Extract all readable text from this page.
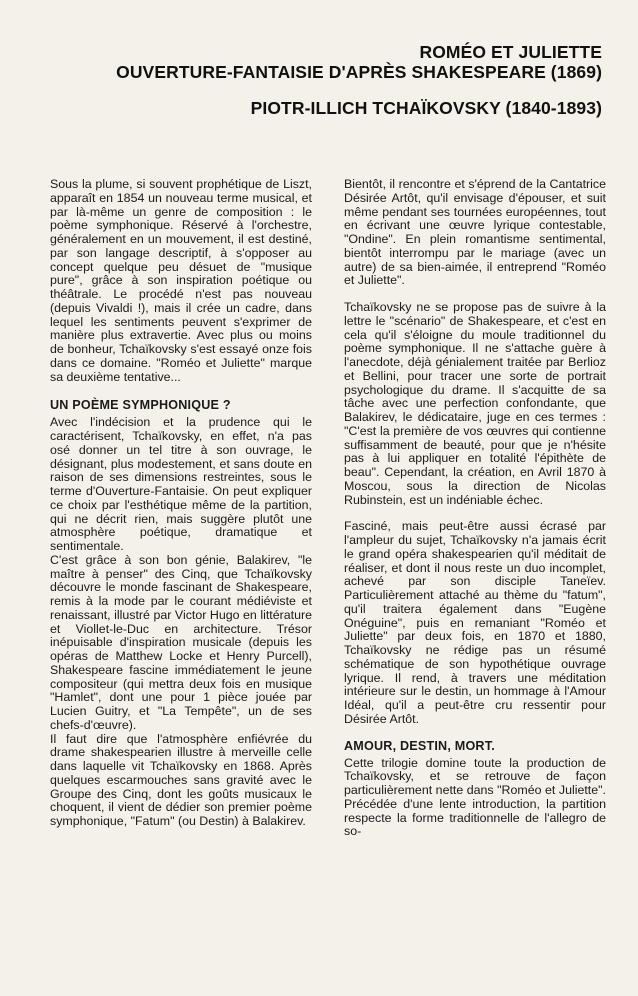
ROMÉO ET JULIETTE
OUVERTURE-FANTAISIE D'APRÈS SHAKESPEARE (1869)
PIOTR-ILLICH TCHAÏKOVSKY (1840-1893)

Sous la plume, si souvent prophétique de Liszt, apparaît en 1854 un nouveau terme musical, et par là-même un genre de composition : le poème symphonique. Réservé à l'orchestre, généralement en un mouvement, il est destiné, par son langage descriptif, à s'opposer au concept quelque peu désuet de "musique pure", grâce à son inspiration poétique ou théâtrale. Le procédé n'est pas nouveau (depuis Vivaldi !), mais il crée un cadre, dans lequel les sentiments peuvent s'exprimer de manière plus extravertie. Avec plus ou moins de bonheur, Tchaïkovsky s'est essayé onze fois dans ce domaine. "Roméo et Juliette" marque sa deuxième tentative...

UN POÈME SYMPHONIQUE ?

Avec l'indécision et la prudence qui le caractérisent, Tchaïkovsky, en effet, n'a pas osé donner un tel titre à son ouvrage, le désignant, plus modestement, et sans doute en raison de ses dimensions restreintes, sous le terme d'Ouverture-Fantaisie. On peut expliquer ce choix par l'esthétique même de la partition, qui ne décrit rien, mais suggère plutôt une atmosphère poétique, dramatique et sentimentale.

C'est grâce à son bon génie, Balakirev, "le maître à penser" des Cinq, que Tchaïkovsky découvre le monde fascinant de Shakespeare, remis à la mode par le courant médiéviste et renaissant, illustré par Victor Hugo en littérature et Viollet-le-Duc en architecture. Trésor inépuisable d'inspiration musicale (depuis les opéras de Matthew Locke et Henry Purcell), Shakespeare fascine immédiatement le jeune compositeur (qui mettra deux fois en musique "Hamlet", dont une pour 1 pièce jouée par Lucien Guitry, et "La Tempête", un de ses chefs-d'œuvre).

Il faut dire que l'atmosphère enfiévrée du drame shakespearien illustre à merveille celle dans laquelle vit Tchaïkovsky en 1868. Après quelques escarmouches sans gravité avec le Groupe des Cinq, dont les goûts musicaux le choquent, il vient de dédier son premier poème symphonique, "Fatum" (ou Destin) à Balakirev.

Bientôt, il rencontre et s'éprend de la Cantatrice Désirée Artôt, qu'il envisage d'épouser, et suit même pendant ses tournées européennes, tout en écrivant une œuvre lyrique contestable, "Ondine". En plein romantisme sentimental, bientôt interrompu par le mariage (avec un autre) de sa bien-aimée, il entreprend "Roméo et Juliette".

Tchaïkovsky ne se propose pas de suivre à la lettre le "scénario" de Shakespeare, et c'est en cela qu'il s'éloigne du moule traditionnel du poème symphonique. Il ne s'attache guère à l'anecdote, déjà génialement traitée par Berlioz et Bellini, pour tracer une sorte de portrait psychologique du drame. Il s'acquitte de sa tâche avec une perfection confondante, que Balakirev, le dédicataire, juge en ces termes : "C'est la première de vos œuvres qui contienne suffisamment de beauté, pour que je n'hésite pas à lui appliquer en totalité l'épithète de beau". Cependant, la création, en Avril 1870 à Moscou, sous la direction de Nicolas Rubinstein, est un indéniable échec.

Fasciné, mais peut-être aussi écrasé par l'ampleur du sujet, Tchaïkovsky n'a jamais écrit le grand opéra shakespearien qu'il méditait de réaliser, et dont il nous reste un duo incomplet, achevé par son disciple Taneïev. Particulièrement attaché au thème du "fatum", qu'il traitera également dans "Eugène Onéguine", puis en remaniant "Roméo et Juliette" par deux fois, en 1870 et 1880, Tchaïkovsky ne rédige pas un résumé schématique de son hypothétique ouvrage lyrique. Il rend, à travers une méditation intérieure sur le destin, un hommage à l'Amour Idéal, qu'il a peut-être cru ressentir pour Désirée Artôt.

AMOUR, DESTIN, MORT.

Cette trilogie domine toute la production de Tchaïkovsky, et se retrouve de façon particulièrement nette dans "Roméo et Juliette". Précédée d'une lente introduction, la partition respecte la forme traditionnelle de l'allegro de so-
